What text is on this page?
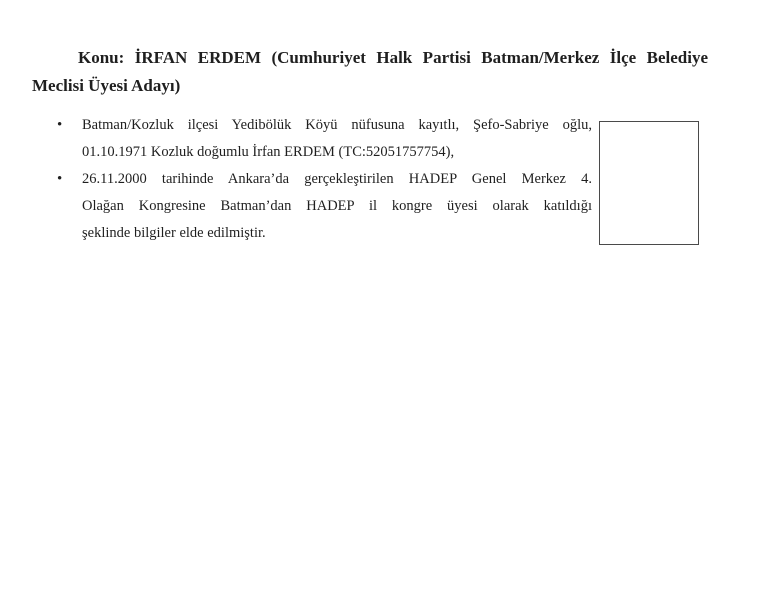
Konu: İRFAN ERDEM (Cumhuriyet Halk Partisi Batman/Merkez İlçe Belediye
Meclisi Üyesi Adayı)
• Batman/Kozluk ilçesi Yedibölük Köyü nüfusuna kayıtlı, Şefo-Sabriye oğlu,
01.10.1971 Kozluk doğumlu İrfan ERDEM (TC:52051757754),
• 26.11.2000 tarihinde Ankara’da gerçekleştirilen HADEP Genel Merkez 4.
Olağan Kongresine Batman’dan HADEP il kongre üyesi olarak katıldığı
şeklinde bilgiler elde edilmiştir.
